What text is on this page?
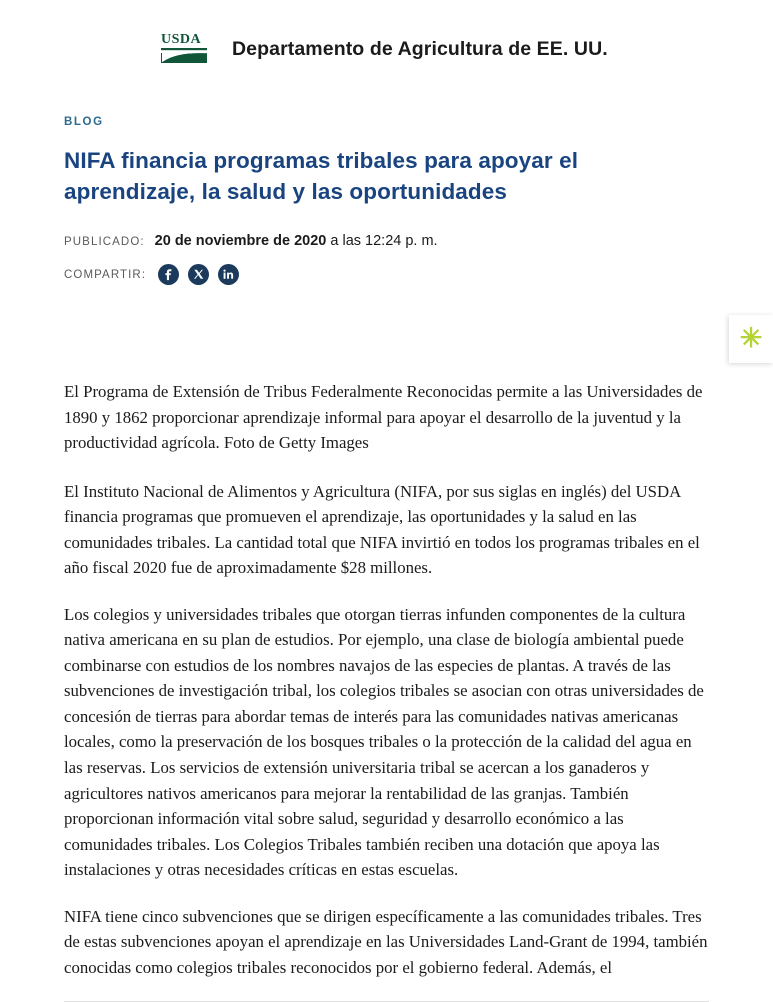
USDA Departamento de Agricultura de EE. UU.
BLOG
NIFA financia programas tribales para apoyar el aprendizaje, la salud y las oportunidades
PUBLICADO: 20 de noviembre de 2020 a las 12:24 p. m.
COMPARTIR:

El Programa de Extensión de Tribus Federalmente Reconocidas permite a las Universidades de 1890 y 1862 proporcionar aprendizaje informal para apoyar el desarrollo de la juventud y la productividad agrícola. Foto de Getty Images

El Instituto Nacional de Alimentos y Agricultura (NIFA, por sus siglas en inglés) del USDA financia programas que promueven el aprendizaje, las oportunidades y la salud en las comunidades tribales. La cantidad total que NIFA invirtió en todos los programas tribales en el año fiscal 2020 fue de aproximadamente $28 millones.

Los colegios y universidades tribales que otorgan tierras infunden componentes de la cultura nativa americana en su plan de estudios. Por ejemplo, una clase de biología ambiental puede combinarse con estudios de los nombres navajos de las especies de plantas. A través de las subvenciones de investigación tribal, los colegios tribales se asocian con otras universidades de concesión de tierras para abordar temas de interés para las comunidades nativas americanas locales, como la preservación de los bosques tribales o la protección de la calidad del agua en las reservas. Los servicios de extensión universitaria tribal se acercan a los ganaderos y agricultores nativos americanos para mejorar la rentabilidad de las granjas. También proporcionan información vital sobre salud, seguridad y desarrollo económico a las comunidades tribales. Los Colegios Tribales también reciben una dotación que apoya las instalaciones y otras necesidades críticas en estas escuelas.

NIFA tiene cinco subvenciones que se dirigen específicamente a las comunidades tribales. Tres de estas subvenciones apoyan el aprendizaje en las Universidades Land-Grant de 1994, también conocidas como colegios tribales reconocidos por el gobierno federal. Además, el

✳
